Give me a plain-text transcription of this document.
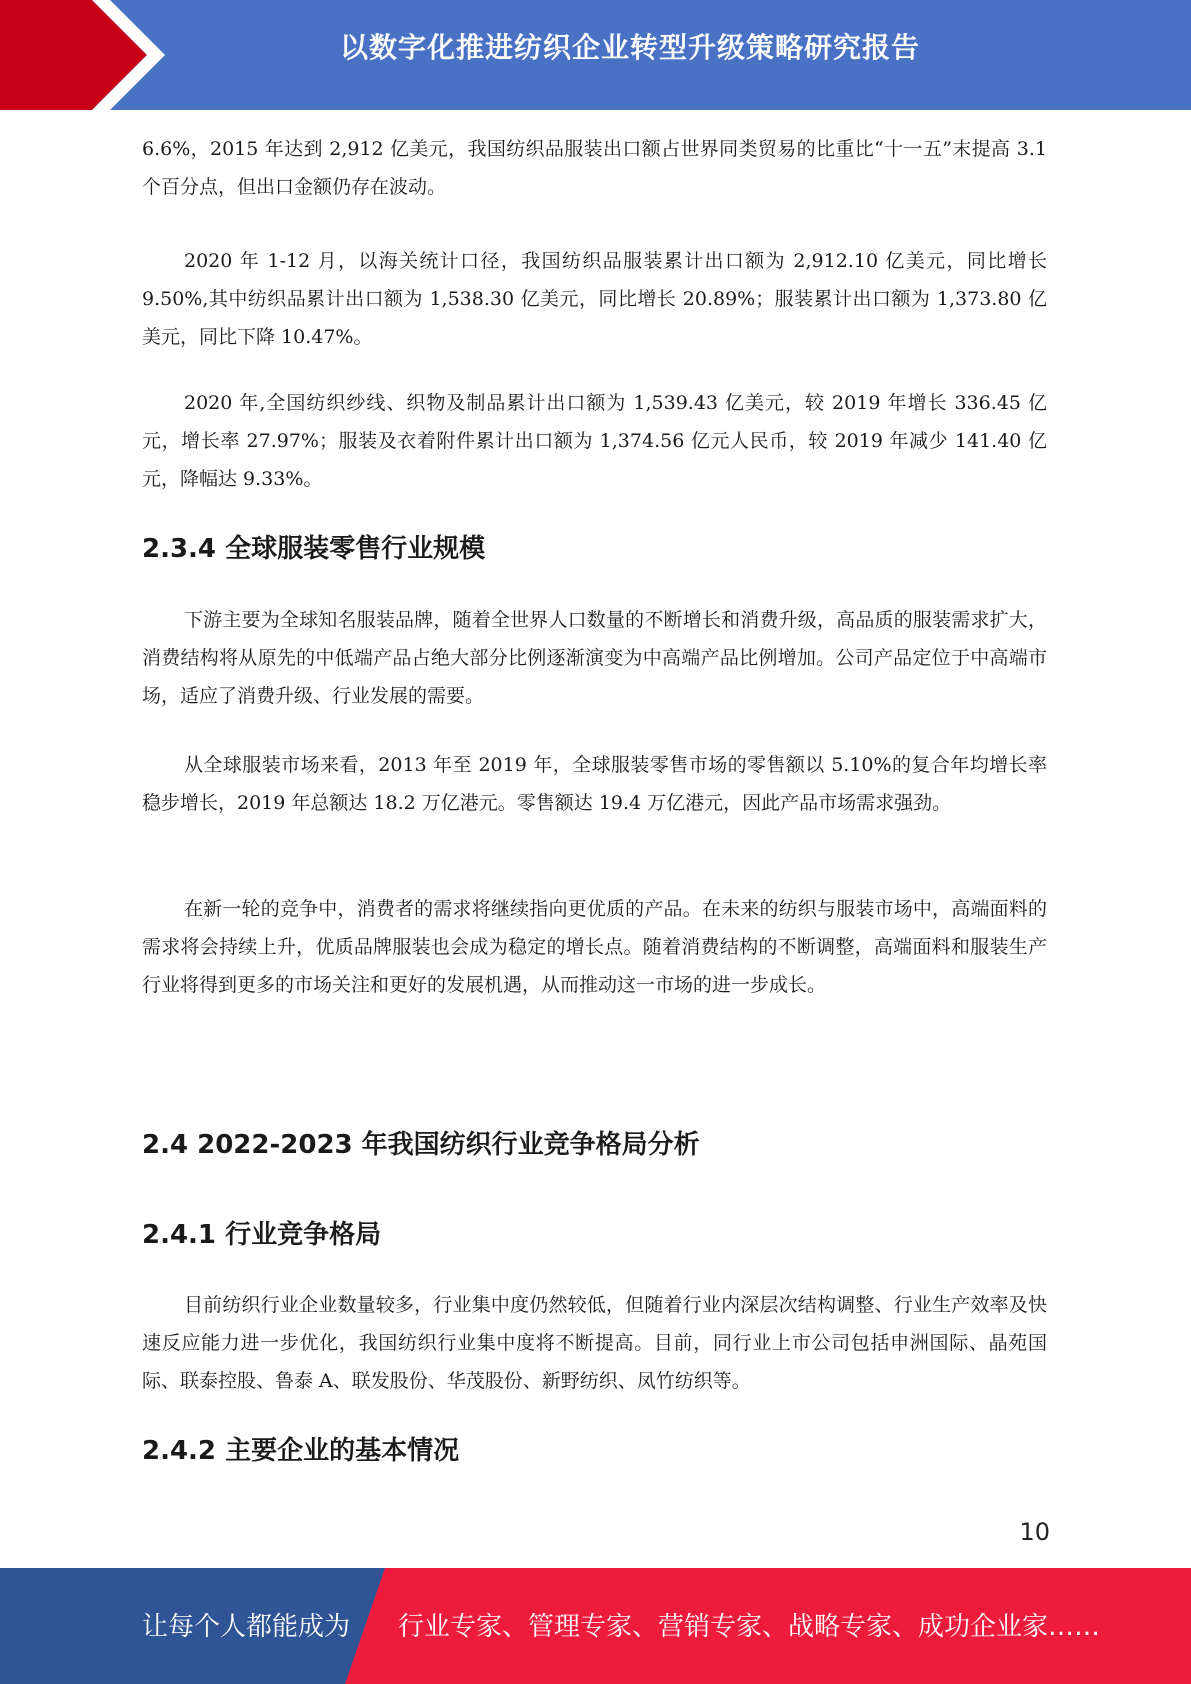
以数字化推进纺织企业转型升级策略研究报告
6.6%，2015 年达到 2,912 亿美元，我国纺织品服装出口额占世界同类贸易的比重比“十一五”末提高 3.1 个百分点，但出口金额仍存在波动。
2020 年 1-12 月，以海关统计口径，我国纺织品服装累计出口额为 2,912.10 亿美元，同比增长 9.50%,其中纺织品累计出口额为 1,538.30 亿美元，同比增长 20.89%；服装累计出口额为 1,373.80 亿美元，同比下降 10.47%。
2020 年,全国纺织纱线、织物及制品累计出口额为 1,539.43 亿美元，较 2019 年增长 336.45 亿元，增长率 27.97%；服装及衣着附件累计出口额为 1,374.56 亿元人民币，较 2019 年减少 141.40 亿元，降幅达 9.33%。
2.3.4 全球服装零售行业规模
下游主要为全球知名服装品牌，随着全世界人口数量的不断增长和消费升级，高品质的服装需求扩大，消费结构将从原先的中低端产品占绝大部分比例逐渐演变为中高端产品比例增加。公司产品定位于中高端市场，适应了消费升级、行业发展的需要。
从全球服装市场来看，2013 年至 2019 年，全球服装零售市场的零售额以 5.10%的复合年均增长率稳步增长，2019 年总额达 18.2 万亿港元。零售额达 19.4 万亿港元，因此产品市场需求强劲。
在新一轮的竞争中，消费者的需求将继续指向更优质的产品。在未来的纺织与服装市场中，高端面料的需求将会持续上升，优质品牌服装也会成为稳定的增长点。随着消费结构的不断调整，高端面料和服装生产行业将得到更多的市场关注和更好的发展机遇，从而推动这一市场的进一步成长。
2.4 2022-2023 年我国纺织行业竞争格局分析
2.4.1 行业竞争格局
目前纺织行业企业数量较多，行业集中度仍然较低，但随着行业内深层次结构调整、行业生产效率及快速反应能力进一步优化，我国纺织行业集中度将不断提高。目前，同行业上市公司包括申洲国际、晶苑国际、联泰控股、鲁泰 A、联发股份、华茂股份、新野纺织、凤竹纺织等。
2.4.2 主要企业的基本情况
10
让每个人都能成为 行业专家、管理专家、营销专家、战略专家、成功企业家……
